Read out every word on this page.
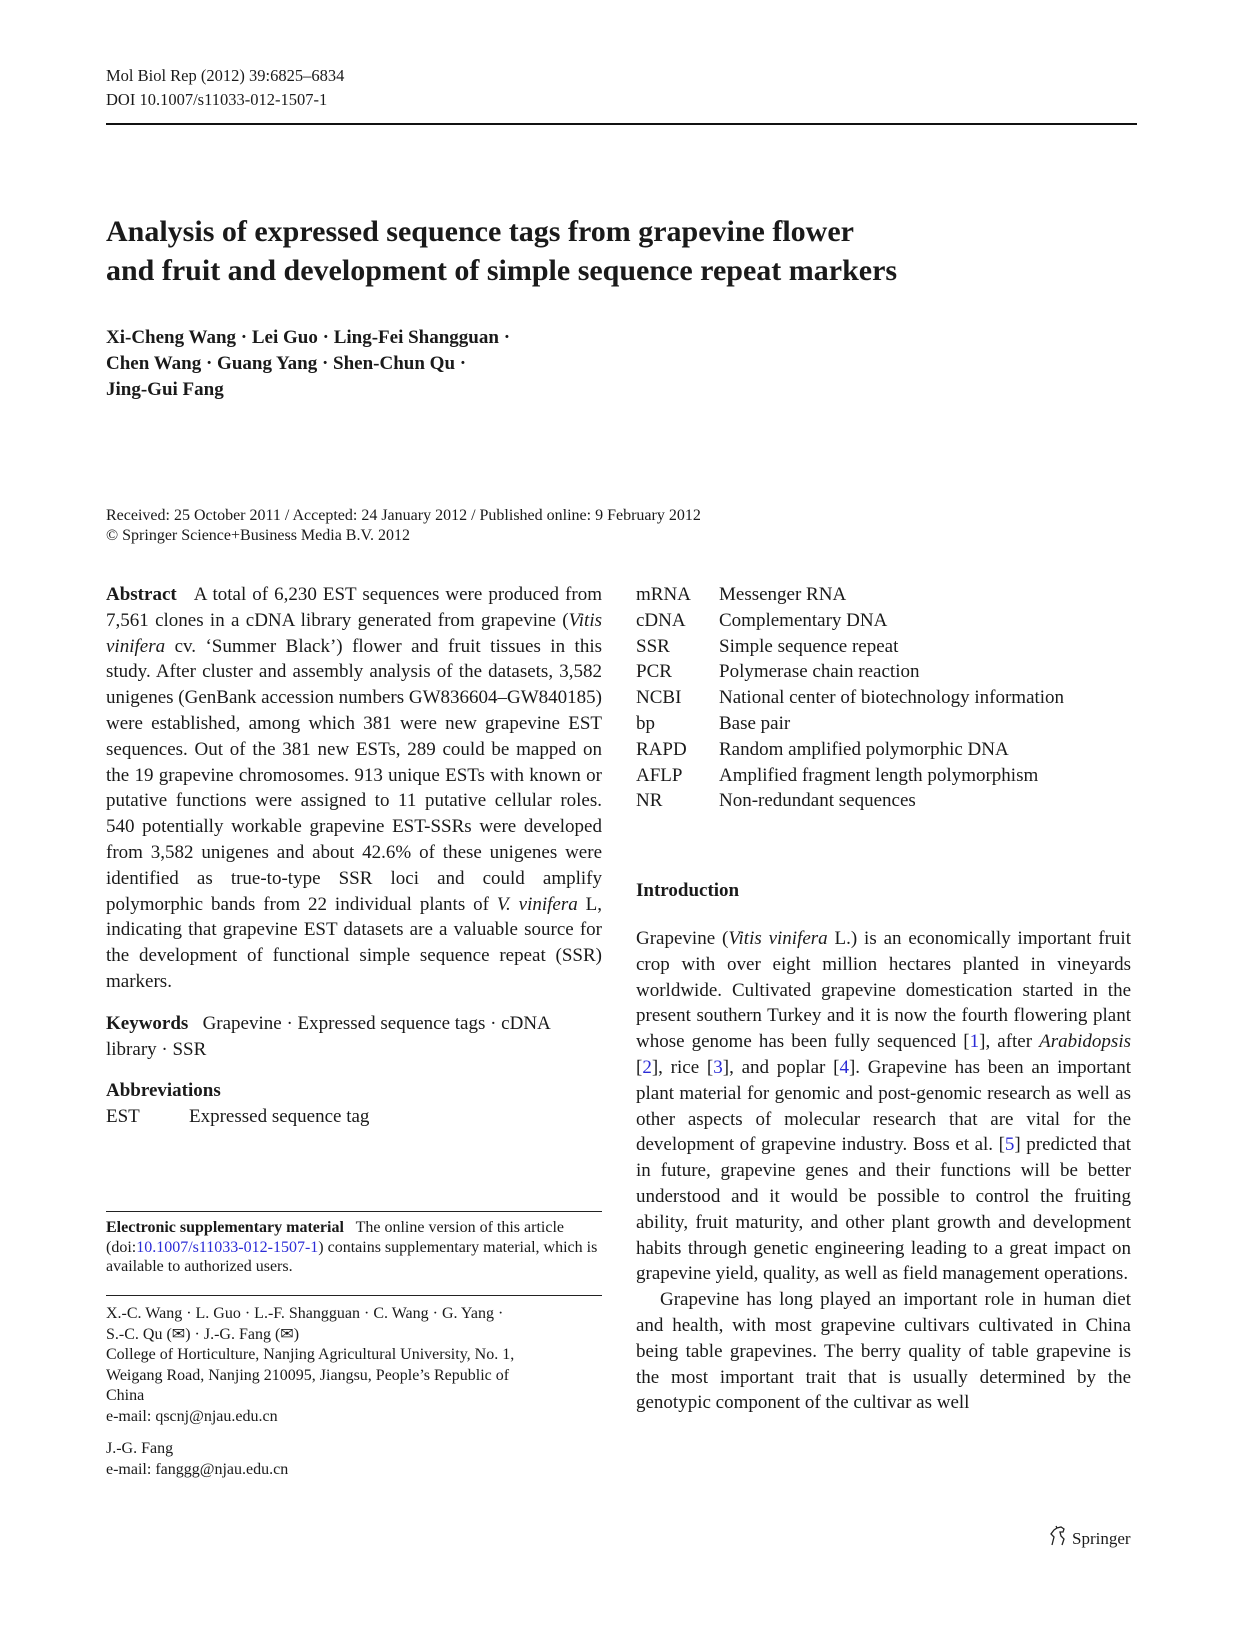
Mol Biol Rep (2012) 39:6825–6834
DOI 10.1007/s11033-012-1507-1
Analysis of expressed sequence tags from grapevine flower
and fruit and development of simple sequence repeat markers
Xi-Cheng Wang · Lei Guo · Ling-Fei Shangguan ·
Chen Wang · Guang Yang · Shen-Chun Qu ·
Jing-Gui Fang
Received: 25 October 2011 / Accepted: 24 January 2012 / Published online: 9 February 2012
© Springer Science+Business Media B.V. 2012
Abstract A total of 6,230 EST sequences were produced from 7,561 clones in a cDNA library generated from grapevine (Vitis vinifera cv. ‘Summer Black’) flower and fruit tissues in this study. After cluster and assembly analysis of the datasets, 3,582 unigenes (GenBank accession numbers GW836604–GW840185) were established, among which 381 were new grapevine EST sequences. Out of the 381 new ESTs, 289 could be mapped on the 19 grapevine chromosomes. 913 unique ESTs with known or putative functions were assigned to 11 putative cellular roles. 540 potentially workable grapevine EST-SSRs were developed from 3,582 unigenes and about 42.6% of these unigenes were identified as true-to-type SSR loci and could amplify polymorphic bands from 22 individual plants of V. vinifera L, indicating that grapevine EST datasets are a valuable source for the development of functional simple sequence repeat (SSR) markers.
Keywords Grapevine · Expressed sequence tags · cDNA library · SSR
Abbreviations
EST	Expressed sequence tag
Electronic supplementary material The online version of this article (doi:10.1007/s11033-012-1507-1) contains supplementary material, which is available to authorized users.
X.-C. Wang · L. Guo · L.-F. Shangguan · C. Wang · G. Yang ·
S.-C. Qu (✉) · J.-G. Fang (✉)
College of Horticulture, Nanjing Agricultural University, No. 1, Weigang Road, Nanjing 210095, Jiangsu, People’s Republic of China
e-mail: qscnj@njau.edu.cn
J.-G. Fang
e-mail: fanggg@njau.edu.cn
mRNA	Messenger RNA
cDNA	Complementary DNA
SSR	Simple sequence repeat
PCR	Polymerase chain reaction
NCBI	National center of biotechnology information
bp	Base pair
RAPD	Random amplified polymorphic DNA
AFLP	Amplified fragment length polymorphism
NR	Non-redundant sequences
Introduction
Grapevine (Vitis vinifera L.) is an economically important fruit crop with over eight million hectares planted in vineyards worldwide. Cultivated grapevine domestication started in the present southern Turkey and it is now the fourth flowering plant whose genome has been fully sequenced [1], after Arabidopsis [2], rice [3], and poplar [4]. Grapevine has been an important plant material for genomic and post-genomic research as well as other aspects of molecular research that are vital for the development of grapevine industry. Boss et al. [5] predicted that in future, grapevine genes and their functions will be better understood and it would be possible to control the fruiting ability, fruit maturity, and other plant growth and development habits through genetic engineering leading to a great impact on grapevine yield, quality, as well as field management operations.
Grapevine has long played an important role in human diet and health, with most grapevine cultivars cultivated in China being table grapevines. The berry quality of table grapevine is the most important trait that is usually determined by the genotypic component of the cultivar as well
Springer
